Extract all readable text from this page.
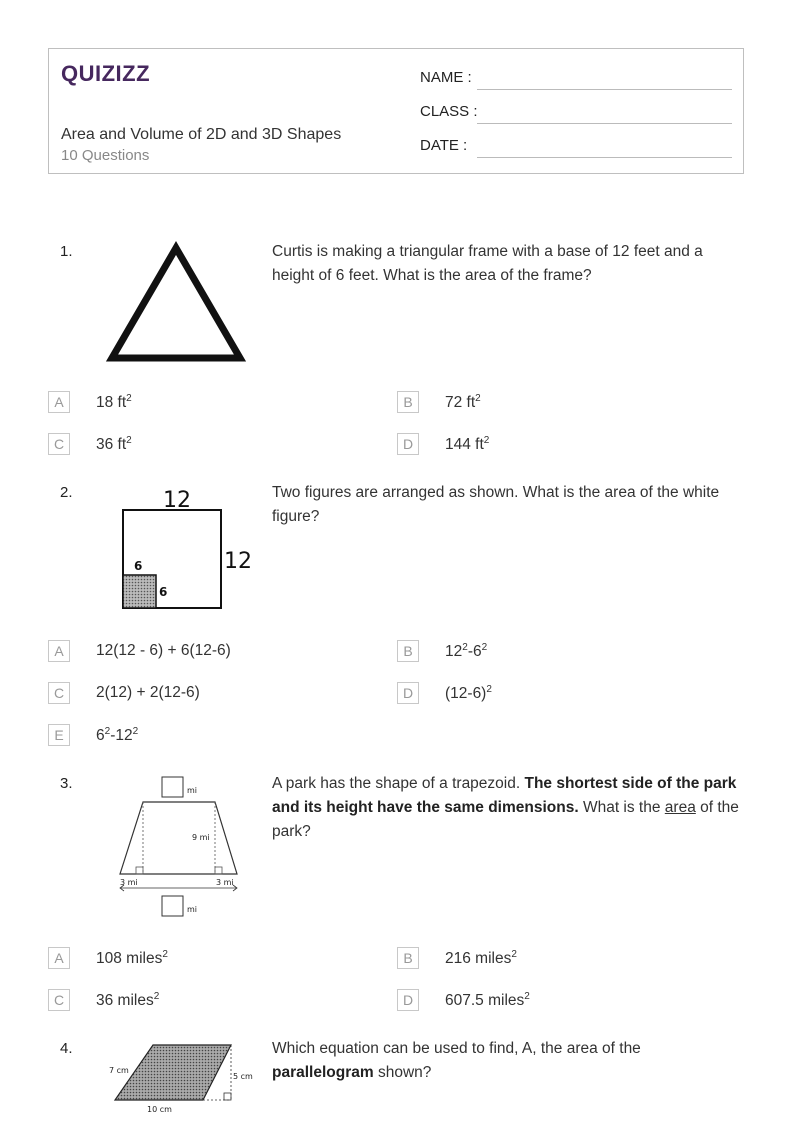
QUIZIZZ
Area and Volume of 2D and 3D Shapes
10 Questions
NAME :
CLASS :
DATE :
1.	Curtis is making a triangular frame with a base of 12 feet and a height of 6 feet. What is the area of the frame?
A	18 $ft^2$	B	72 $ft^2$
C	36 $ft^2$	D	144 $ft^2$
2.	12
12
6
6
Two figures are arranged as shown. What is the area of the white figure?
A	12(12 - 6) + 6(12-6)	B	$12^2-6^2$
C	2(12) + 2(12-6)	D	$(12-6)^2$
E	$6^2-12^2$
3.	mi
9 mi
3 mi	3 mi
mi
A park has the shape of a trapezoid. The shortest side of the park and its height have the same dimensions. What is the area of the park?
A	108 miles$^2$	B	216 miles$^2$
C	36 miles$^2$	D	607.5 miles$^2$
4.
7 cm
5 cm
10 cm
Which equation can be used to find, A, the area of the parallelogram shown?
